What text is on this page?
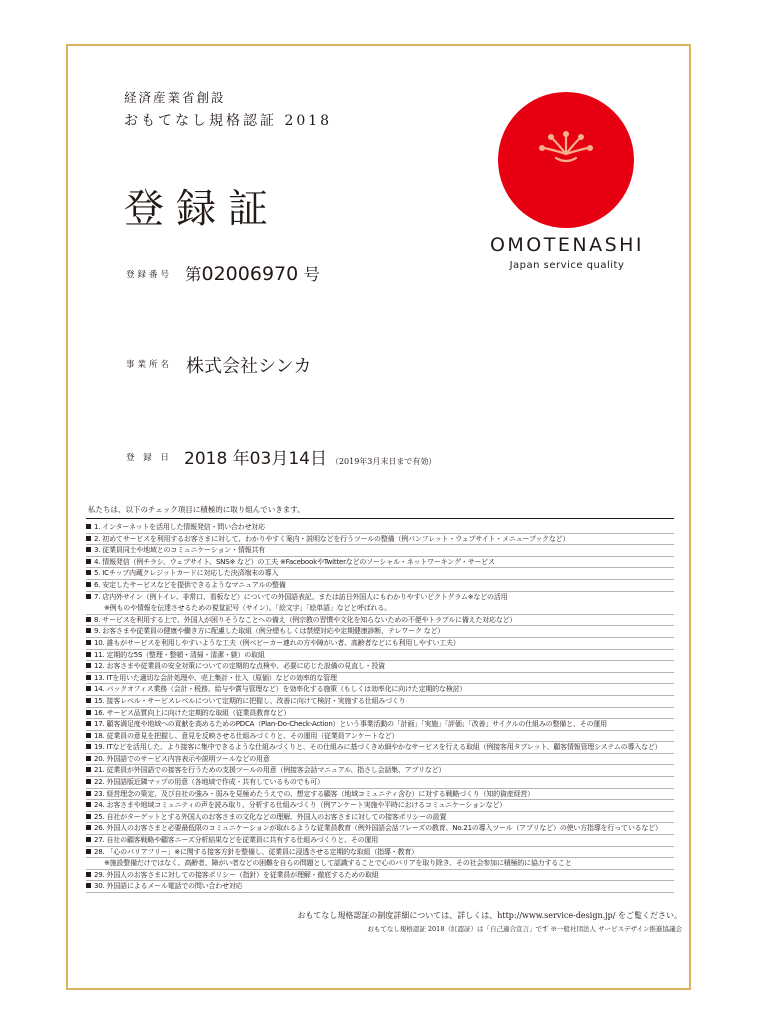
経済産業省創設
おもてなし規格認証 2018
登録証
OMOTENASHI
Japan service quality
登録番号 第02006970 号
事業所名 株式会社シンカ
登 録 日 2018 年03月14日 （2019年3月末日まで有効）
私たちは、以下のチェック項目に積極的に取り組んでいきます。
1. インターネットを活用した情報発信・問い合わせ対応
2. 初めてサービスを利用するお客さまに対して、わかりやすく案内・説明などを行うツールの整備（例パンフレット・ウェブサイト・メニューブックなど）
3. 従業員同士や地域とのコミュニケーション・情報共有
4. 情報発信（例チラシ、ウェブサイト、SNS※ など）の工夫 ※FacebookやTwitterなどのソーシャル・ネットワーキング・サービス
5. ICチップ内蔵クレジットカードに対応した決済端末の導入
6. 安定したサービスなどを提供できるようなマニュアルの整備
7. 店内外サイン（例トイレ、非常口、看板など）についての外国語表記、または訪日外国人にもわかりやすいピクトグラム※などの活用
※例ものや情報を伝達させるための視覚記号（サイン）。「絵文字」「絵単語」などと呼ばれる。
8. サービスを利用する上で、外国人が困りそうなことへの備え（例宗教の習慣や文化を知らないための不便やトラブルに備えた対応など）
9. お客さまや従業員の健康や働き方に配慮した取組（例分煙もしくは禁煙対応や定期健康診断、テレワーク など）
10. 誰もがサービスを利用しやすいような工夫（例ベビーカー連れの方や障がい者、高齢者などにも利用しやすい工夫）
11. 定期的な5S（整理・整頓・清掃・清潔・躾）の取組
12. お客さまや従業員の安全対策についての定期的な点検や、必要に応じた設備の見直し・投資
13. ITを用いた適切な会計処理や、売上集計・仕入（原価）などの効率的な管理
14. バックオフィス業務（会計・税務、給与や賞与管理など）を効率化する施策（もしくは効率化に向けた定期的な検討）
15. 接客レベル・サービスレベルについて定期的に把握し、改善に向けて検討・実施する仕組みづくり
16. サービス品質向上に向けた定期的な取組（従業員教育など）
17. 顧客満足度や地域への貢献を高めるためのPDCA（Plan-Do-Check-Action）という事業活動の「計画」「実施」「評価」「改善」サイクルの仕組みの整備と、その運用
18. 従業員の意見を把握し、意見を反映させる仕組みづくりと、その運用（従業員アンケートなど）
19. ITなどを活用した、より接客に集中できるような仕組みづくりと、その仕組みに基づくきめ細やかなサービスを行える取組（例接客用タブレット、顧客情報管理システムの導入など）
20. 外国語でのサービス内容表示や説明ツールなどの用意
21. 従業員が外国語での接客を行うための支援ツールの用意（例接客会話マニュアル、指さし会話集、アプリなど）
22. 外国語版近隣マップの用意（各地域で作成・共有しているものでも可）
23. 経営理念の策定、及び自社の強み・弱みを見極めたうえでの、想定する顧客（地域コミュニティ含む）に対する戦略づくり（知的資産経営）
24. お客さまや地域コミュニティの声を読み取り、分析する仕組みづくり（例アンケート実施や平時におけるコミュニケーションなど）
25. 自社がターゲットとする外国人のお客さまの文化などの理解、外国人のお客さまに対しての接客ポリシーの設置
26. 外国人のお客さまと必要最低限のコミュニケーションが取れるような従業員教育（例外国語会話フレーズの教育、No.21の導入ツール（アプリなど）の使い方指導を行っているなど）
27. 自社の顧客戦略や顧客ニーズ分析結果などを従業員に共有する仕組みづくりと、その運用
28. 「心のバリアフリー」※に関する接客方針を整備し、従業員に浸透させる定期的な取組（指導・教育）
※施設整備だけではなく、高齢者、障がい者などの困難を自らの問題として認識することで心のバリアを取り除き、その社会参加に積極的に協力すること
29. 外国人のお客さまに対しての接客ポリシー（指針）を従業員が理解・徹底するための取組
30. 外国語によるメール電話での問い合わせ対応
おもてなし規格認証の制度詳細については、詳しくは、http://www.service-design.jp/ をご覧ください。
おもてなし規格認証 2018（紅認証）は「自己適合宣言」です ※一般社団法人 サービスデザイン推進協議会
